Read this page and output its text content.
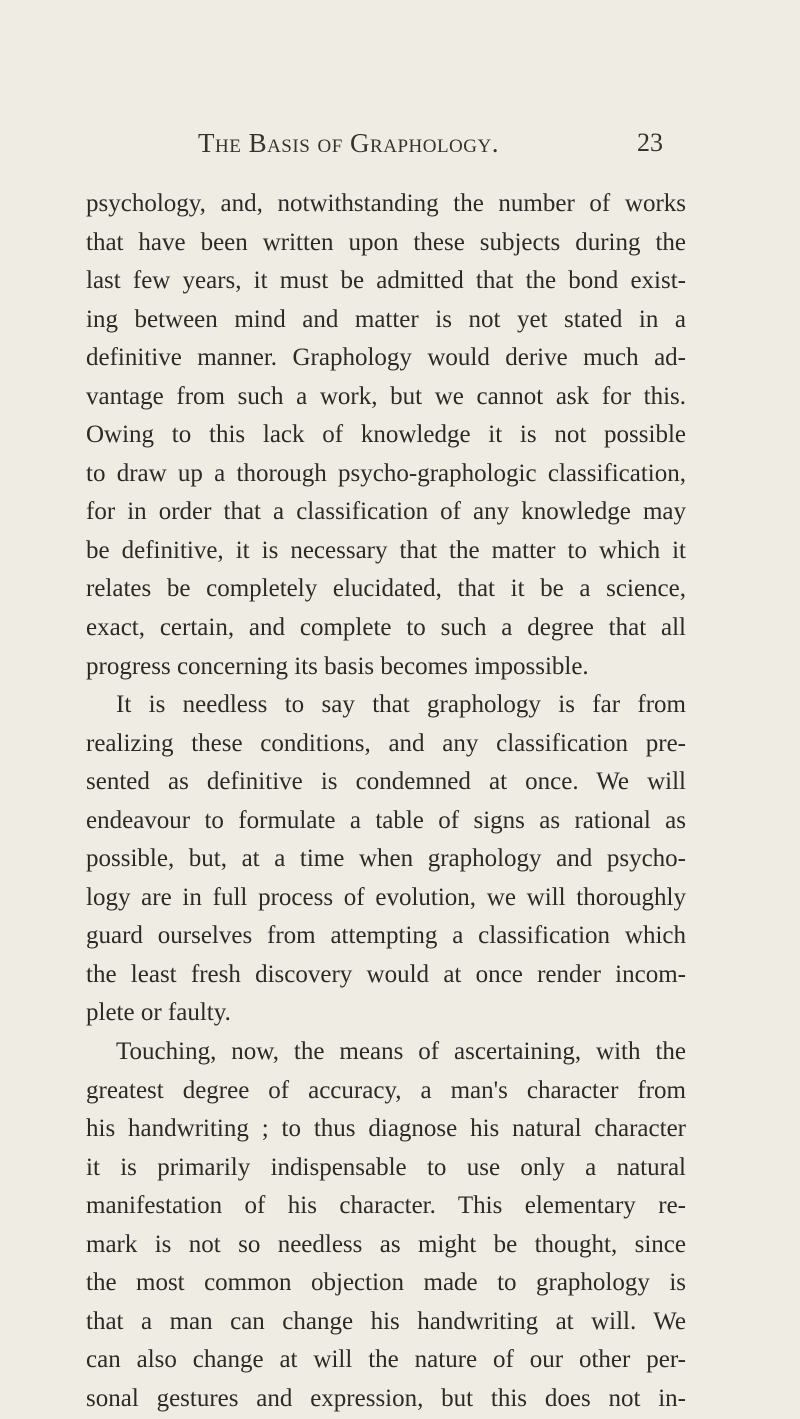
The Basis of Graphology.	23
psychology, and, notwithstanding the number of works
that have been written upon these subjects during the
last few years, it must be admitted that the bond exist-
ing between mind and matter is not yet stated in a
definitive manner. Graphology would derive much ad-
vantage from such a work, but we cannot ask for this.
Owing to this lack of knowledge it is not possible
to draw up a thorough psycho-graphologic classification,
for in order that a classification of any knowledge may
be definitive, it is necessary that the matter to which it
relates be completely elucidated, that it be a science,
exact, certain, and complete to such a degree that all
progress concerning its basis becomes impossible.
It is needless to say that graphology is far from
realizing these conditions, and any classification pre-
sented as definitive is condemned at once. We will
endeavour to formulate a table of signs as rational as
possible, but, at a time when graphology and psycho-
logy are in full process of evolution, we will thoroughly
guard ourselves from attempting a classification which
the least fresh discovery would at once render incom-
plete or faulty.
Touching, now, the means of ascertaining, with the
greatest degree of accuracy, a man's character from
his handwriting ; to thus diagnose his natural character
it is primarily indispensable to use only a natural
manifestation of his character. This elementary re-
mark is not so needless as might be thought, since
the most common objection made to graphology is
that a man can change his handwriting at will. We
can also change at will the nature of our other per-
sonal gestures and expression, but this does not in-
